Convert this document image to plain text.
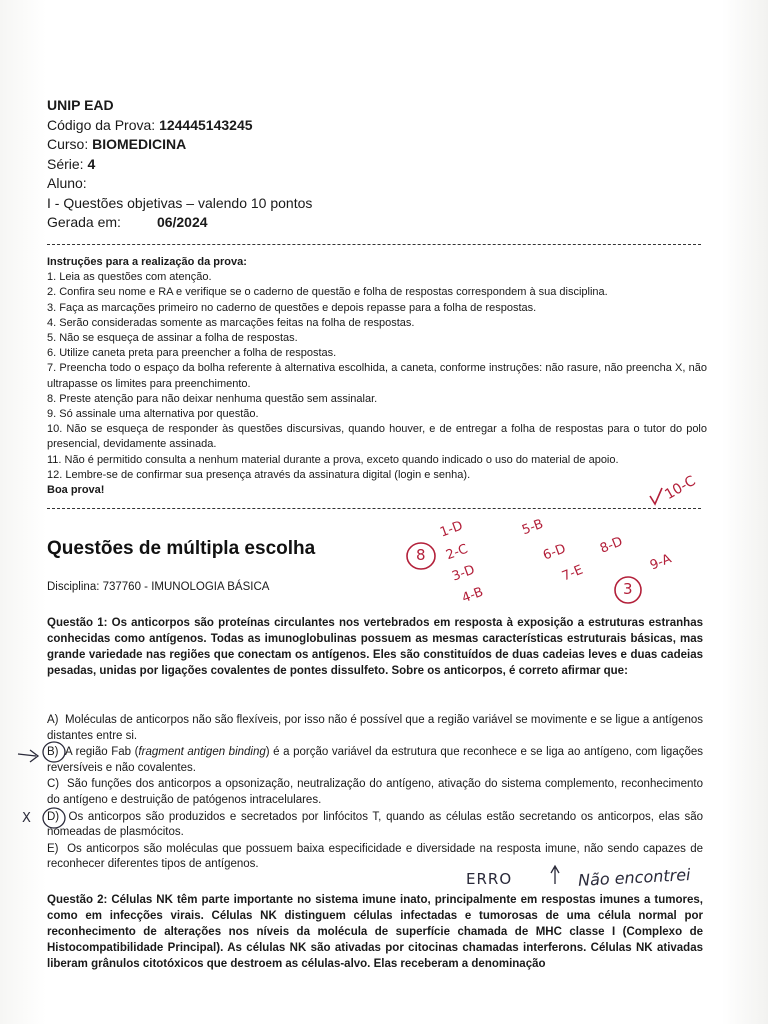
UNIP EAD
Código da Prova: 124445143245
Curso: BIOMEDICINA
Série: 4
Aluno:
I - Questões objetivas – valendo 10 pontos
Gerada em:	06/2024
Instruções para a realização da prova:
1. Leia as questões com atenção.
2. Confira seu nome e RA e verifique se o caderno de questão e folha de respostas correspondem à sua disciplina.
3. Faça as marcações primeiro no caderno de questões e depois repasse para a folha de respostas.
4. Serão consideradas somente as marcações feitas na folha de respostas.
5. Não se esqueça de assinar a folha de respostas.
6. Utilize caneta preta para preencher a folha de respostas.
7. Preencha todo o espaço da bolha referente à alternativa escolhida, a caneta, conforme instruções: não rasure, não preencha X, não ultrapasse os limites para preenchimento.
8. Preste atenção para não deixar nenhuma questão sem assinalar.
9. Só assinale uma alternativa por questão.
10. Não se esqueça de responder às questões discursivas, quando houver, e de entregar a folha de respostas para o tutor do polo presencial, devidamente assinada.
11. Não é permitido consulta a nenhum material durante a prova, exceto quando indicado o uso do material de apoio.
12. Lembre-se de confirmar sua presença através da assinatura digital (login e senha).
Boa prova!
Questões de múltipla escolha
Disciplina: 737760 - IMUNOLOGIA BÁSICA
Questão 1: Os anticorpos são proteínas circulantes nos vertebrados em resposta à exposição a estruturas estranhas conhecidas como antígenos. Todas as imunoglobulinas possuem as mesmas características estruturais básicas, mas grande variedade nas regiões que conectam os antígenos. Eles são constituídos de duas cadeias leves e duas cadeias pesadas, unidas por ligações covalentes de pontes dissulfeto. Sobre os anticorpos, é correto afirmar que:
A) Moléculas de anticorpos não são flexíveis, por isso não é possível que a região variável se movimente e se ligue a antígenos distantes entre si.
B) A região Fab (fragment antigen binding) é a porção variável da estrutura que reconhece e se liga ao antígeno, com ligações reversíveis e não covalentes.
C) São funções dos anticorpos a opsonização, neutralização do antígeno, ativação do sistema complemento, reconhecimento do antígeno e destruição de patógenos intracelulares.
D) Os anticorpos são produzidos e secretados por linfócitos T, quando as células estão secretando os anticorpos, elas são nomeadas de plasmócitos.
E) Os anticorpos são moléculas que possuem baixa especificidade e diversidade na resposta imune, não sendo capazes de reconhecer diferentes tipos de antígenos.
Questão 2: Células NK têm parte importante no sistema imune inato, principalmente em respostas imunes a tumores, como em infecções virais. Células NK distinguem células infectadas e tumorosas de uma célula normal por reconhecimento de alterações nos níveis da molécula de superfície chamada de MHC classe I (Complexo de Histocompatibilidade Principal). As células NK são ativadas por citocinas chamadas interferons. Células NK ativadas liberam grânulos citotóxicos que destroem as células-alvo. Elas receberam a denominação
8
3
1-D
2-C
3-D
4-B
5-B
6-D
7-E
8-D
9-A
10-C
X
ERRO	Não encontrei
